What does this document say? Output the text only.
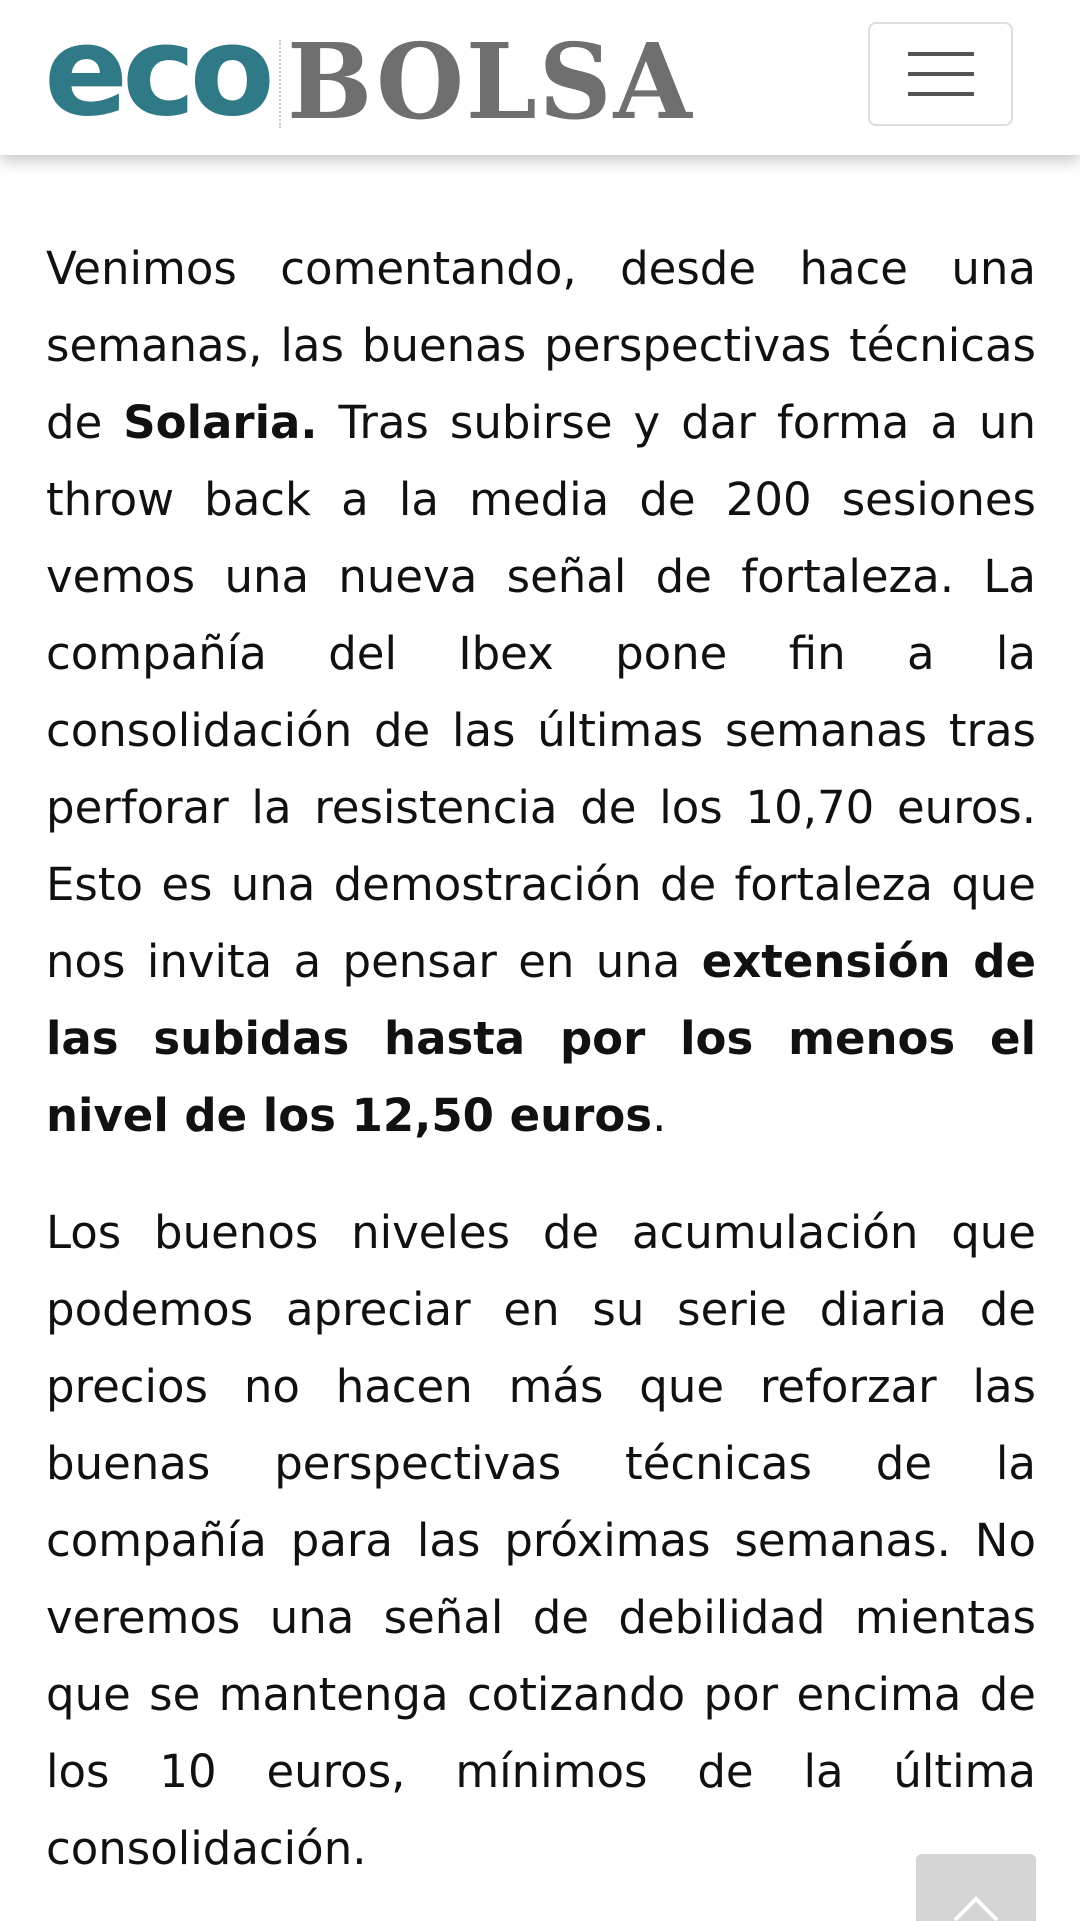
eco BOLSA

Venimos comentando, desde hace una semanas, las buenas perspectivas técnicas de Solaria. Tras subirse y dar forma a un throw back a la media de 200 sesiones vemos una nueva señal de fortaleza. La compañía del Ibex pone fin a la consolidación de las últimas semanas tras perforar la resistencia de los 10,70 euros. Esto es una demostración de fortaleza que nos invita a pensar en una extensión de las subidas hasta por los menos el nivel de los 12,50 euros.

Los buenos niveles de acumulación que podemos apreciar en su serie diaria de precios no hacen más que reforzar las buenas perspectivas técnicas de la compañía para las próximas semanas. No veremos una señal de debilidad mientas que se mantenga cotizando por encima de los 10 euros, mínimos de la última consolidación.
